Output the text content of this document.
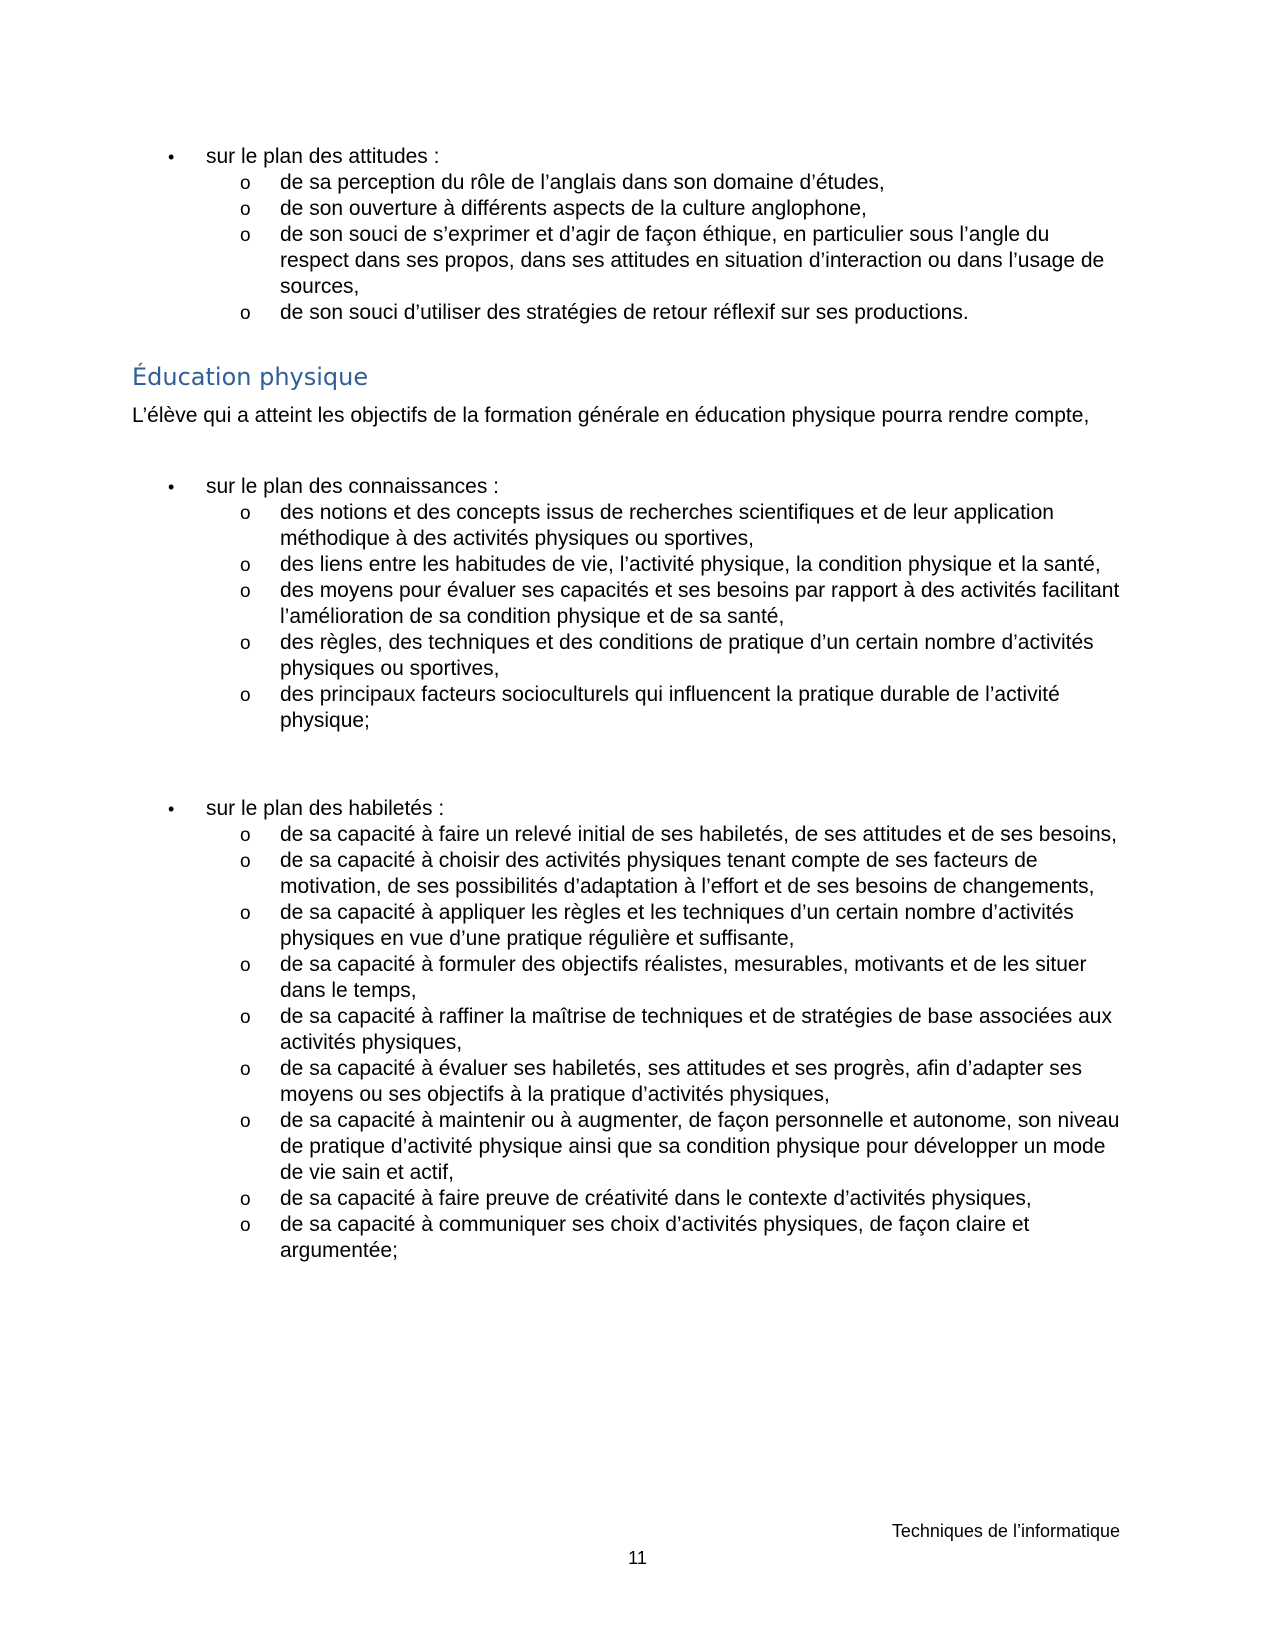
• sur le plan des attitudes :
o de sa perception du rôle de l’anglais dans son domaine d’études,
o de son ouverture à différents aspects de la culture anglophone,
o de son souci de s’exprimer et d’agir de façon éthique, en particulier sous l’angle du respect dans ses propos, dans ses attitudes en situation d’interaction ou dans l’usage de sources,
o de son souci d’utiliser des stratégies de retour réflexif sur ses productions.
Éducation physique

L’élève qui a atteint les objectifs de la formation générale en éducation physique pourra rendre compte,

• sur le plan des connaissances :
o des notions et des concepts issus de recherches scientifiques et de leur application méthodique à des activités physiques ou sportives,
o des liens entre les habitudes de vie, l’activité physique, la condition physique et la santé,
o des moyens pour évaluer ses capacités et ses besoins par rapport à des activités facilitant l’amélioration de sa condition physique et de sa santé,
o des règles, des techniques et des conditions de pratique d’un certain nombre d’activités physiques ou sportives,
o des principaux facteurs socioculturels qui influencent la pratique durable de l’activité physique;
• sur le plan des habiletés :
o de sa capacité à faire un relevé initial de ses habiletés, de ses attitudes et de ses besoins,
o de sa capacité à choisir des activités physiques tenant compte de ses facteurs de motivation, de ses possibilités d’adaptation à l’effort et de ses besoins de changements,
o de sa capacité à appliquer les règles et les techniques d’un certain nombre d’activités physiques en vue d’une pratique régulière et suffisante,
o de sa capacité à formuler des objectifs réalistes, mesurables, motivants et de les situer dans le temps,
o de sa capacité à raffiner la maîtrise de techniques et de stratégies de base associées aux activités physiques,
o de sa capacité à évaluer ses habiletés, ses attitudes et ses progrès, afin d’adapter ses moyens ou ses objectifs à la pratique d’activités physiques,
o de sa capacité à maintenir ou à augmenter, de façon personnelle et autonome, son niveau de pratique d’activité physique ainsi que sa condition physique pour développer un mode de vie sain et actif,
o de sa capacité à faire preuve de créativité dans le contexte d’activités physiques,
o de sa capacité à communiquer ses choix d’activités physiques, de façon claire et argumentée;
Techniques de l’informatique
11
